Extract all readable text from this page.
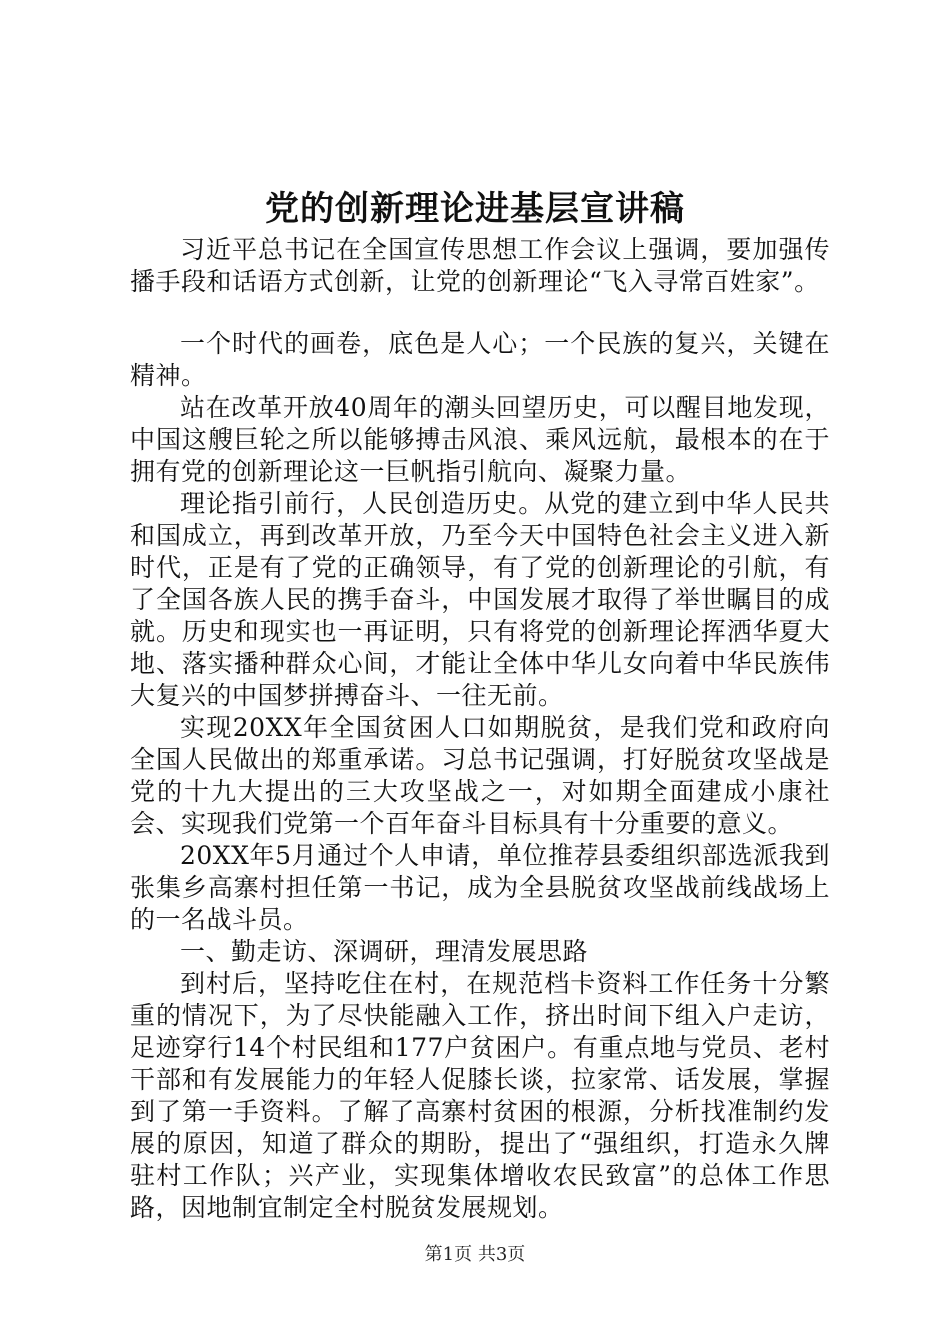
党的创新理论进基层宣讲稿

习近平总书记在全国宣传思想工作会议上强调，要加强传播手段和话语方式创新，让党的创新理论“飞入寻常百姓家”。

一个时代的画卷，底色是人心；一个民族的复兴，关键在精神。

站在改革开放40周年的潮头回望历史，可以醒目地发现，中国这艘巨轮之所以能够搏击风浪、乘风远航，最根本的在于拥有党的创新理论这一巨帆指引航向、凝聚力量。

理论指引前行，人民创造历史。从党的建立到中华人民共和国成立，再到改革开放，乃至今天中国特色社会主义进入新时代，正是有了党的正确领导，有了党的创新理论的引航，有了全国各族人民的携手奋斗，中国发展才取得了举世瞩目的成就。历史和现实也一再证明，只有将党的创新理论挥洒华夏大地、落实播种群众心间，才能让全体中华儿女向着中华民族伟大复兴的中国梦拼搏奋斗、一往无前。

实现20XX年全国贫困人口如期脱贫，是我们党和政府向全国人民做出的郑重承诺。习总书记强调，打好脱贫攻坚战是党的十九大提出的三大攻坚战之一，对如期全面建成小康社会、实现我们党第一个百年奋斗目标具有十分重要的意义。

20XX年5月通过个人申请，单位推荐县委组织部选派我到张集乡高寨村担任第一书记，成为全县脱贫攻坚战前线战场上的一名战斗员。

一、勤走访、深调研，理清发展思路

到村后，坚持吃住在村，在规范档卡资料工作任务十分繁重的情况下，为了尽快能融入工作，挤出时间下组入户走访，足迹穿行14个村民组和177户贫困户。有重点地与党员、老村干部和有发展能力的年轻人促膝长谈，拉家常、话发展，掌握到了第一手资料。了解了高寨村贫困的根源，分析找准制约发展的原因，知道了群众的期盼，提出了“强组织，打造永久牌驻村工作队；兴产业，实现集体增收农民致富”的总体工作思路，因地制宜制定全村脱贫发展规划。

第1页 共3页
